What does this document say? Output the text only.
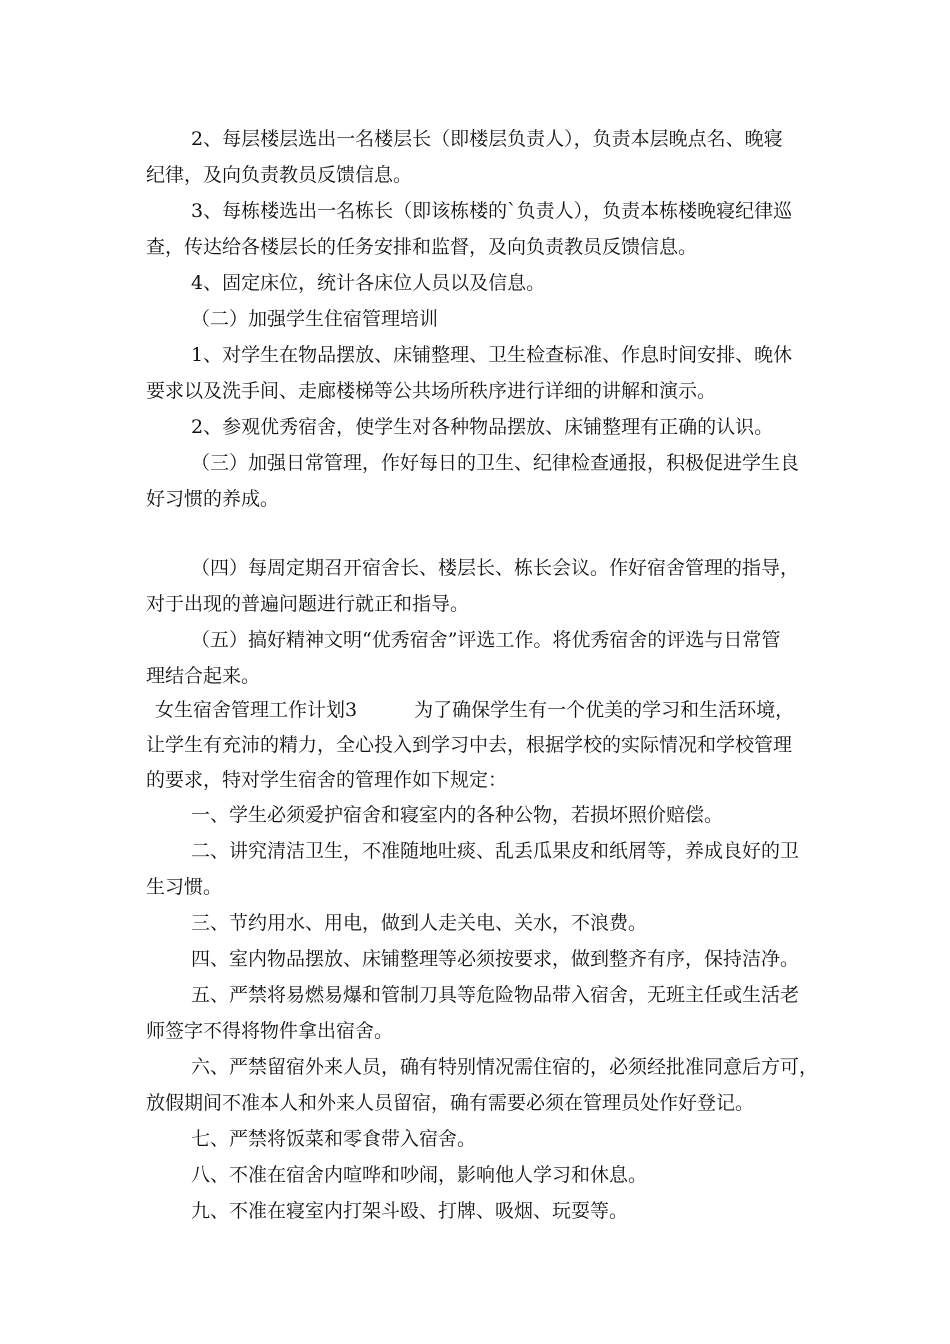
2、每层楼层选出一名楼层长（即楼层负责人），负责本层晚点名、晚寝
纪律，及向负责教员反馈信息。
3、每栋楼选出一名栋长（即该栋楼的`负责人），负责本栋楼晚寝纪律巡
查，传达给各楼层长的任务安排和监督，及向负责教员反馈信息。
4、固定床位，统计各床位人员以及信息。
（二）加强学生住宿管理培训
1、对学生在物品摆放、床铺整理、卫生检查标准、作息时间安排、晚休
要求以及洗手间、走廊楼梯等公共场所秩序进行详细的讲解和演示。
2、参观优秀宿舍，使学生对各种物品摆放、床铺整理有正确的认识。
（三）加强日常管理，作好每日的卫生、纪律检查通报，积极促进学生良
好习惯的养成。
（四）每周定期召开宿舍长、楼层长、栋长会议。作好宿舍管理的指导，
对于出现的普遍问题进行就正和指导。
（五）搞好精神文明“优秀宿舍”评选工作。将优秀宿舍的评选与日常管
理结合起来。
女生宿舍管理工作计划3　　　为了确保学生有一个优美的学习和生活环境，
让学生有充沛的精力，全心投入到学习中去，根据学校的实际情况和学校管理
的要求，特对学生宿舍的管理作如下规定：
一、学生必须爱护宿舍和寝室内的各种公物，若损坏照价赔偿。
二、讲究清洁卫生，不准随地吐痰、乱丢瓜果皮和纸屑等，养成良好的卫
生习惯。
三、节约用水、用电，做到人走关电、关水，不浪费。
四、室内物品摆放、床铺整理等必须按要求，做到整齐有序，保持洁净。
五、严禁将易燃易爆和管制刀具等危险物品带入宿舍，无班主任或生活老
师签字不得将物件拿出宿舍。
六、严禁留宿外来人员，确有特别情况需住宿的，必须经批准同意后方可，
放假期间不准本人和外来人员留宿，确有需要必须在管理员处作好登记。
七、严禁将饭菜和零食带入宿舍。
八、不准在宿舍内喧哗和吵闹，影响他人学习和休息。
九、不准在寝室内打架斗殴、打牌、吸烟、玩耍等。
